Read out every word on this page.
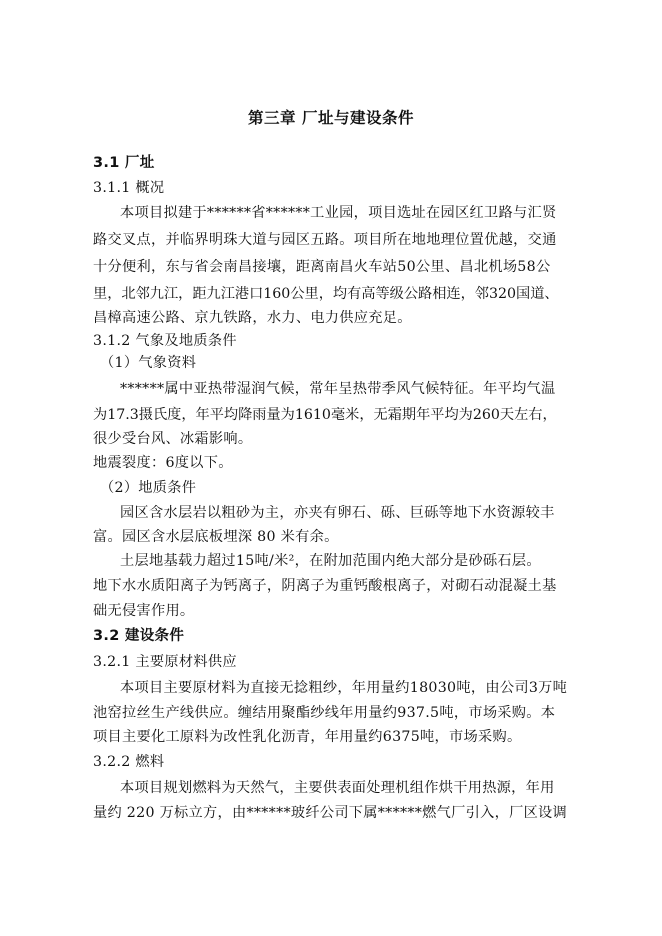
第三章 厂址与建设条件
3.1 厂址
3.1.1 概况
本项目拟建于******省******工业园，项目选址在园区红卫路与汇贤
路交叉点，并临界明珠大道与园区五路。项目所在地地理位置优越，交通
十分便利，东与省会南昌接壤，距离南昌火车站50公里、昌北机场58公
里，北邻九江，距九江港口160公里，均有高等级公路相连，邻320国道、
昌樟高速公路、京九铁路，水力、电力供应充足。
3.1.2 气象及地质条件
（1）气象资料
******属中亚热带湿润气候，常年呈热带季风气候特征。年平均气温
为17.3摄氏度，年平均降雨量为1610毫米，无霜期年平均为260天左右，
很少受台风、冰霜影响。
地震裂度：6度以下。
（2）地质条件
园区含水层岩以粗砂为主，亦夹有卵石、砾、巨砾等地下水资源较丰
富。园区含水层底板埋深 80 米有余。
土层地基载力超过15吨/米²，在附加范围内绝大部分是砂砾石层。
地下水水质阳离子为钙离子，阴离子为重钙酸根离子，对砌石动混凝土基
础无侵害作用。
3.2 建设条件
3.2.1 主要原材料供应
本项目主要原材料为直接无捻粗纱，年用量约18030吨，由公司3万吨
池窑拉丝生产线供应。缠结用聚酯纱线年用量约937.5吨，市场采购。本
项目主要化工原料为改性乳化沥青，年用量约6375吨，市场采购。
3.2.2 燃料
本项目规划燃料为天然气，主要供表面处理机组作烘干用热源，年用
量约 220 万标立方，由******玻纤公司下属******燃气厂引入，厂区设调
